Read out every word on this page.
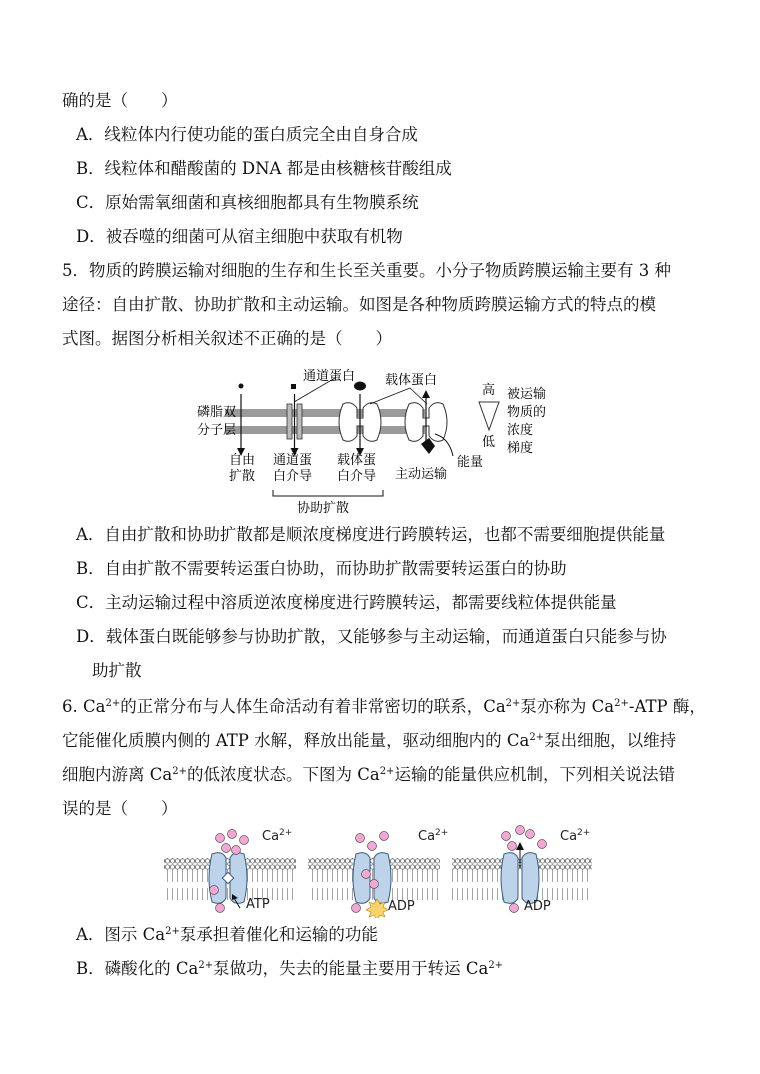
确的是（　　）
A．线粒体内行使功能的蛋白质完全由自身合成
B．线粒体和醋酸菌的 DNA 都是由核糖核苷酸组成
C．原始需氧细菌和真核细胞都具有生物膜系统
D．被吞噬的细菌可从宿主细胞中获取有机物
5．物质的跨膜运输对细胞的生存和生长至关重要。小分子物质跨膜运输主要有 3 种
途径：自由扩散、协助扩散和主动运输。如图是各种物质跨膜运输方式的特点的模
式图。据图分析相关叙述不正确的是（　　）
通道蛋白 载体蛋白
磷脂双
分子层
自由
扩散
通道蛋
白介导
载体蛋
白介导 主动运输
能量
协助扩散
高
低
被运输
物质的
浓度
梯度
A．自由扩散和协助扩散都是顺浓度梯度进行跨膜转运，也都不需要细胞提供能量
B．自由扩散不需要转运蛋白协助，而协助扩散需要转运蛋白的协助
C．主动运输过程中溶质逆浓度梯度进行跨膜转运，都需要线粒体提供能量
D．载体蛋白既能够参与协助扩散，又能够参与主动运输，而通道蛋白只能参与协
助扩散
6. $Ca^{2+}$的正常分布与人体生命活动有着非常密切的联系，$Ca^{2+}$泵亦称为 $Ca^{2+}$-ATP 酶，
它能催化质膜内侧的 ATP 水解，释放出能量，驱动细胞内的 $Ca^{2+}$泵出细胞，以维持
细胞内游离 $Ca^{2+}$的低浓度状态。下图为 $Ca^{2+}$运输的能量供应机制，下列相关说法错
误的是（　　）
ATP
$Ca^{2+}$
ADP
$Ca^{2+}$
ADP
$Ca^{2+}$
A．图示 $Ca^{2+}$泵承担着催化和运输的功能
B．磷酸化的 $Ca^{2+}$泵做功，失去的能量主要用于转运 $Ca^{2+}$
